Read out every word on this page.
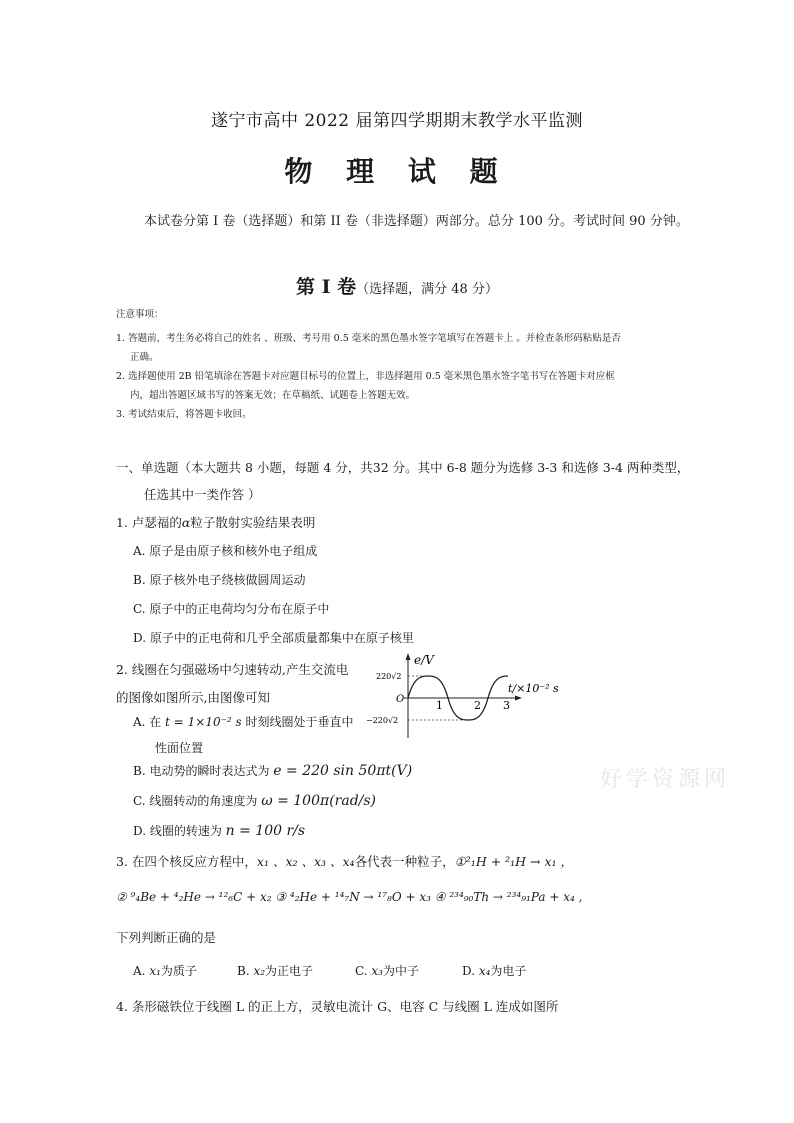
遂宁市高中 2022 届第四学期期末教学水平监测
物 理 试 题
本试卷分第 I 卷（选择题）和第 II 卷（非选择题）两部分。总分 100 分。考试时间 90 分钟。
第 Ⅰ 卷（选择题，满分 48 分）
注意事项：
1. 答题前，考生务必将自己的姓名 、班级、考号用 0.5 毫米的黑色墨水签字笔填写在答题卡上 。并检查条形码粘贴是否
正确。
2. 选择题使用 2B 铅笔填涂在答题卡对应题目标号的位置上，非选择题用 0.5 毫米黑色墨水签字笔书写在答题卡对应框
内，超出答题区域书写的答案无效；在草稿纸、试题卷上答题无效。
3. 考试结束后，将答题卡收回。
一、单选题（本大题共 8 小题，每题 4 分，共32 分。其中 6-8 题分为选修 3-3 和选修 3-4 两种类型，
任选其中一类作答 ）
1. 卢瑟福的α粒子散射实验结果表明
A. 原子是由原子核和核外电子组成
B. 原子核外电子绕核做圆周运动
C. 原子中的正电荷均匀分布在原子中
D. 原子中的正电荷和几乎全部质量都集中在原子核里
2. 线圈在匀强磁场中匀速转动,产生交流电
的图像如图所示,由图像可知
A. 在 t = 1×10⁻² s 时刻线圈处于垂直中
性面位置
B. 电动势的瞬时表达式为 e = 220 sin 50πt(V)
C. 线圈转动的角速度为 ω = 100π(rad/s)
D. 线圈的转速为 n = 100 r/s
e/V
t/×10⁻² s
O
220√2
−220√2
1	2 3
好学资源网
3. 在四个核反应方程中，x₁ 、x₂ 、x₃ 、x₄各代表一种粒子，①²₁H + ²₁H → x₁ ，
② ⁹₄Be + ⁴₂He → ¹²₆C + x₂ ③ ⁴₂He + ¹⁴₇N → ¹⁷₈O + x₃ ④ ²³⁴₉₀Th → ²³⁴₉₁Pa + x₄ ,
下列判断正确的是
A. x₁为质子	B. x₂为正电子	C. x₃为中子	D. x₄为电子
4. 条形磁铁位于线圈 L 的正上方，灵敏电流计 G、电容 C 与线圈 L 连成如图所
